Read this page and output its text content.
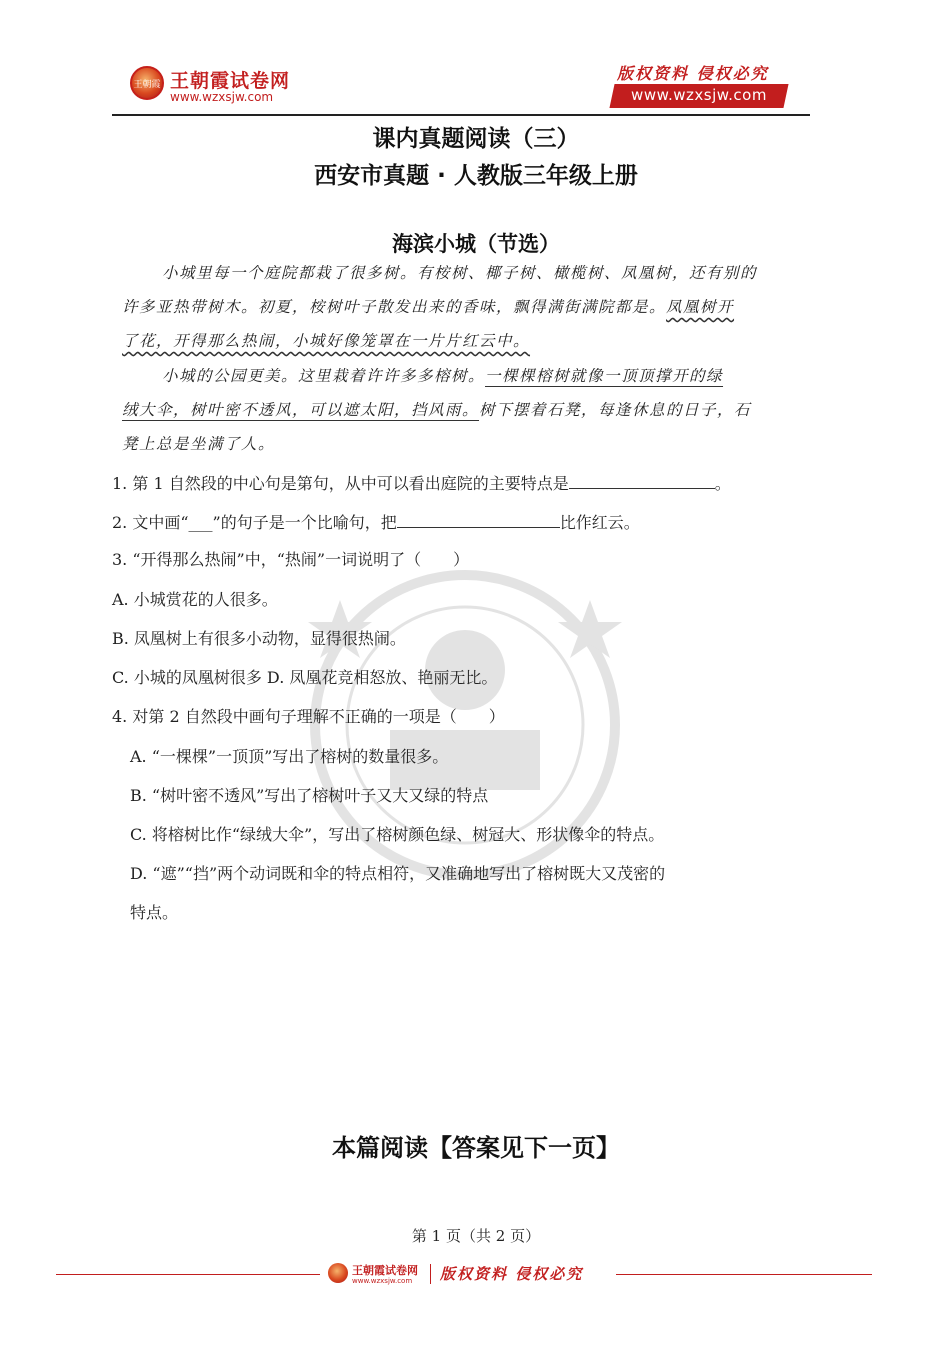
王朝霞 王朝霞试卷网
www.wzxsjw.com
版权资料 侵权必究
www.wzxsjw.com
课内真题阅读（三）
西安市真题 · 人教版三年级上册
海滨小城（节选）
小城里每一个庭院都栽了很多树。有桉树、椰子树、橄榄树、凤凰树，还有别的
许多亚热带树木。初夏，桉树叶子散发出来的香味，飘得满街满院都是。凤凰树开
了花，开得那么热闹，小城好像笼罩在一片片红云中。
小城的公园更美。这里栽着许许多多榕树。一棵棵榕树就像一顶顶撑开的绿
绒大伞，树叶密不透风，可以遮太阳，挡风雨。树下摆着石凳，每逢休息的日子，石
凳上总是坐满了人。
1. 第 1 自然段的中心句是第句，从中可以看出庭院的主要特点是	。
2. 文中画“___”的句子是一个比喻句，把	比作红云。
3. “开得那么热闹”中，“热闹”一词说明了（　　）
A. 小城赏花的人很多。
B. 凤凰树上有很多小动物，显得很热闹。
C. 小城的凤凰树很多 D. 凤凰花竞相怒放、艳丽无比。
4. 对第 2 自然段中画句子理解不正确的一项是（　　）
A. “一棵棵”一顶顶”写出了榕树的数量很多。
B. “树叶密不透风”写出了榕树叶子又大又绿的特点
C. 将榕树比作“绿绒大伞”，写出了榕树颜色绿、树冠大、形状像伞的特点。
D. “遮”“挡”两个动词既和伞的特点相符，又准确地写出了榕树既大又茂密的
特点。
本篇阅读【答案见下一页】
第 1 页（共 2 页）
王朝霞试卷网
www.wzxsjw.com 版权资料 侵权必究
